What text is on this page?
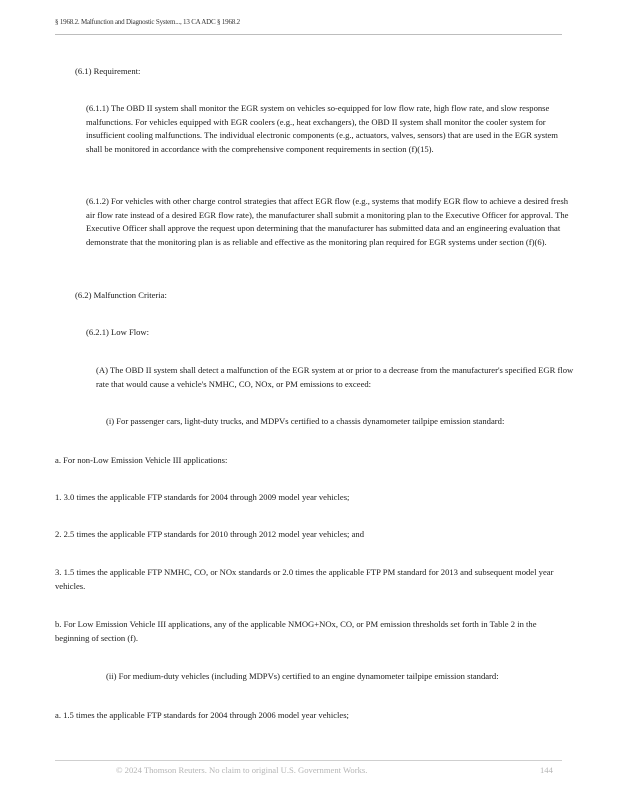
§ 1968.2. Malfunction and Diagnostic System..., 13 CA ADC § 1968.2

(6.1) Requirement:

(6.1.1) The OBD II system shall monitor the EGR system on vehicles so-equipped for low flow rate, high flow rate, and slow response malfunctions. For vehicles equipped with EGR coolers (e.g., heat exchangers), the OBD II system shall monitor the cooler system for insufficient cooling malfunctions. The individual electronic components (e.g., actuators, valves, sensors) that are used in the EGR system shall be monitored in accordance with the comprehensive component requirements in section (f)(15).

(6.1.2) For vehicles with other charge control strategies that affect EGR flow (e.g., systems that modify EGR flow to achieve a desired fresh air flow rate instead of a desired EGR flow rate), the manufacturer shall submit a monitoring plan to the Executive Officer for approval. The Executive Officer shall approve the request upon determining that the manufacturer has submitted data and an engineering evaluation that demonstrate that the monitoring plan is as reliable and effective as the monitoring plan required for EGR systems under section (f)(6).

(6.2) Malfunction Criteria:

(6.2.1) Low Flow:

(A) The OBD II system shall detect a malfunction of the EGR system at or prior to a decrease from the manufacturer's specified EGR flow rate that would cause a vehicle's NMHC, CO, NOx, or PM emissions to exceed:

(i) For passenger cars, light-duty trucks, and MDPVs certified to a chassis dynamometer tailpipe emission standard:

a. For non-Low Emission Vehicle III applications:

1. 3.0 times the applicable FTP standards for 2004 through 2009 model year vehicles;

2. 2.5 times the applicable FTP standards for 2010 through 2012 model year vehicles; and

3. 1.5 times the applicable FTP NMHC, CO, or NOx standards or 2.0 times the applicable FTP PM standard for 2013 and subsequent model year vehicles.

b. For Low Emission Vehicle III applications, any of the applicable NMOG+NOx, CO, or PM emission thresholds set forth in Table 2 in the beginning of section (f).

(ii) For medium-duty vehicles (including MDPVs) certified to an engine dynamometer tailpipe emission standard:

a. 1.5 times the applicable FTP standards for 2004 through 2006 model year vehicles;

© 2024 Thomson Reuters. No claim to original U.S. Government Works.	144
